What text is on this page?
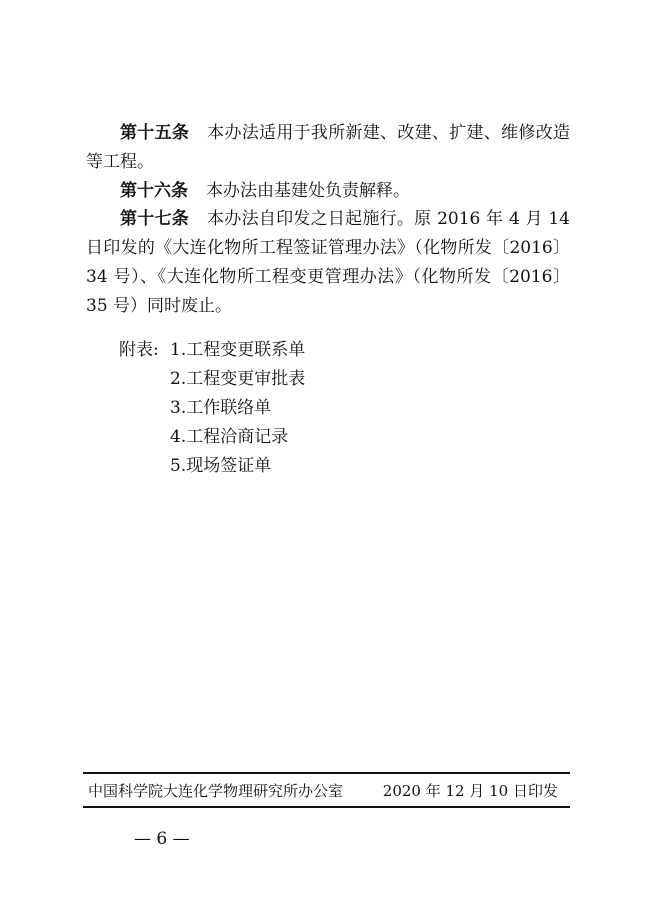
第十五条 本办法适用于我所新建、改建、扩建、维修改造等工程。

第十六条 本办法由基建处负责解释。

第十七条 本办法自印发之日起施行。原 2016 年 4 月 14 日印发的《大连化物所工程签证管理办法》（化物所发〔2016〕34 号）、《大连化物所工程变更管理办法》（化物所发〔2016〕35 号）同时废止。

附表: 1. 工程变更联系单
2. 工程变更审批表
3. 工作联络单
4. 工程洽商记录
5. 现场签证单
中国科学院大连化学物理研究所办公室	2020 年 12 月 10 日印发
— 6 —
